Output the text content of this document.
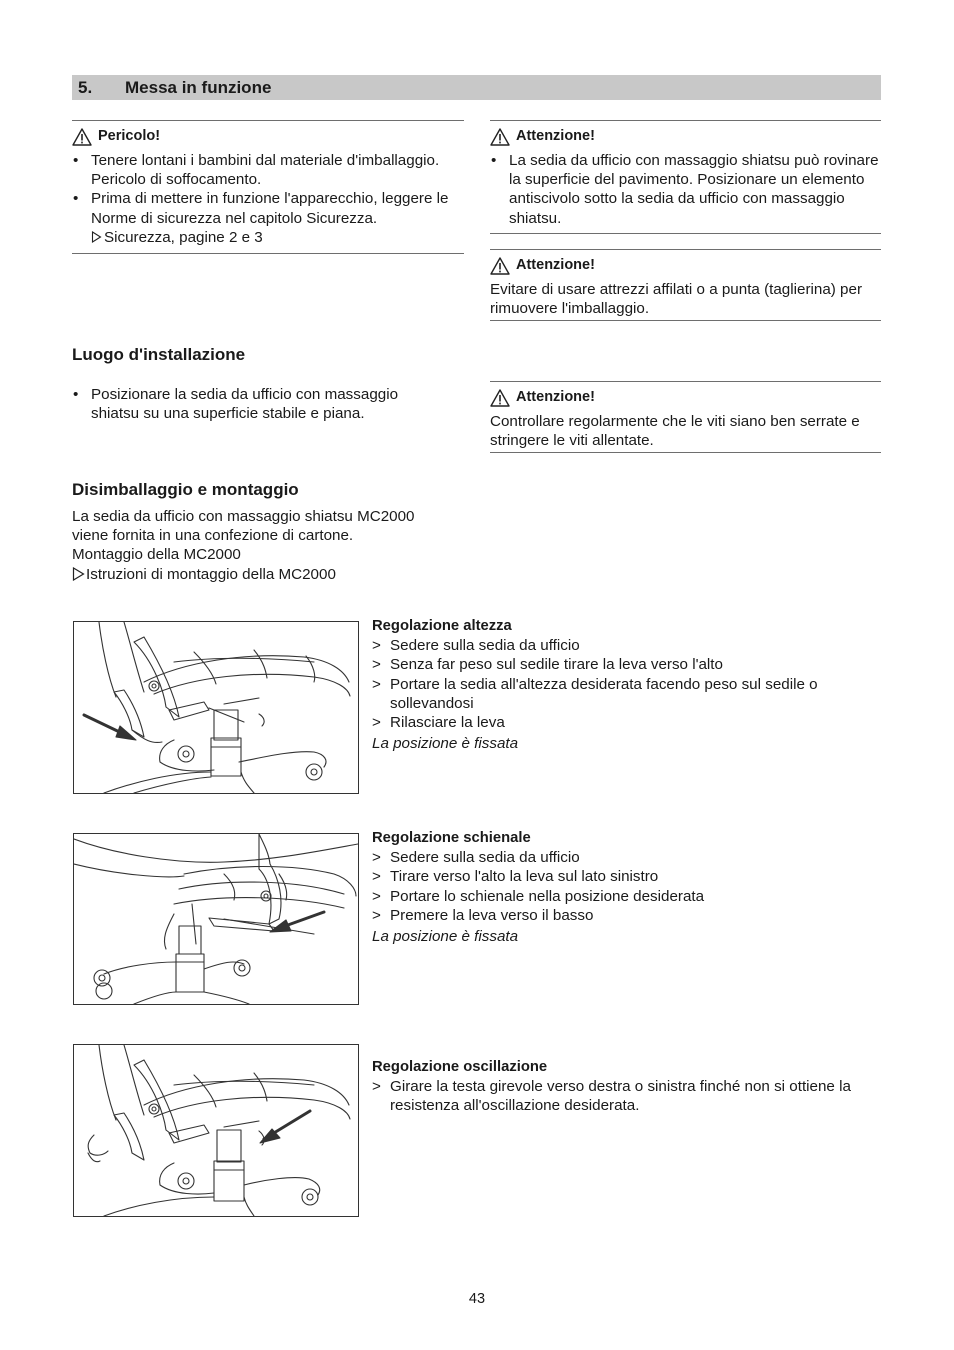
5. Messa in funzione
Pericolo!
• Tenere lontani i bambini dal materiale d'imballaggio. Pericolo di soffocamento.
• Prima di mettere in funzione l'apparecchio, leggere le Norme di sicurezza nel capitolo Sicurezza.
Sicurezza, pagine 2 e 3
Attenzione!
• La sedia da ufficio con massaggio shiatsu può rovinare la superficie del pavimento. Posizionare un elemento antiscivolo sotto la sedia da ufficio con massaggio shiatsu.
Attenzione!
Evitare di usare attrezzi affilati o a punta (taglierina) per rimuovere l'imballaggio.
Luogo d'installazione
• Posizionare la sedia da ufficio con massaggio shiatsu su una superficie stabile e piana.
Attenzione!
Controllare regolarmente che le viti siano ben serrate e stringere le viti allentate.
Disimballaggio e montaggio
La sedia da ufficio con massaggio shiatsu MC2000
viene fornita in una confezione di cartone.
Montaggio della MC2000
Istruzioni di montaggio della MC2000
Regolazione altezza
> Sedere sulla sedia da ufficio
> Senza far peso sul sedile tirare la leva verso l'alto
> Portare la sedia all'altezza desiderata facendo peso sul sedile o sollevandosi
> Rilasciare la leva
La posizione è fissata
Regolazione schienale
> Sedere sulla sedia da ufficio
> Tirare verso l'alto la leva sul lato sinistro
> Portare lo schienale nella posizione desiderata
> Premere la leva verso il basso
La posizione è fissata
Regolazione oscillazione
> Girare la testa girevole verso destra o sinistra finché non si ottiene la resistenza all'oscillazione desiderata.
43
